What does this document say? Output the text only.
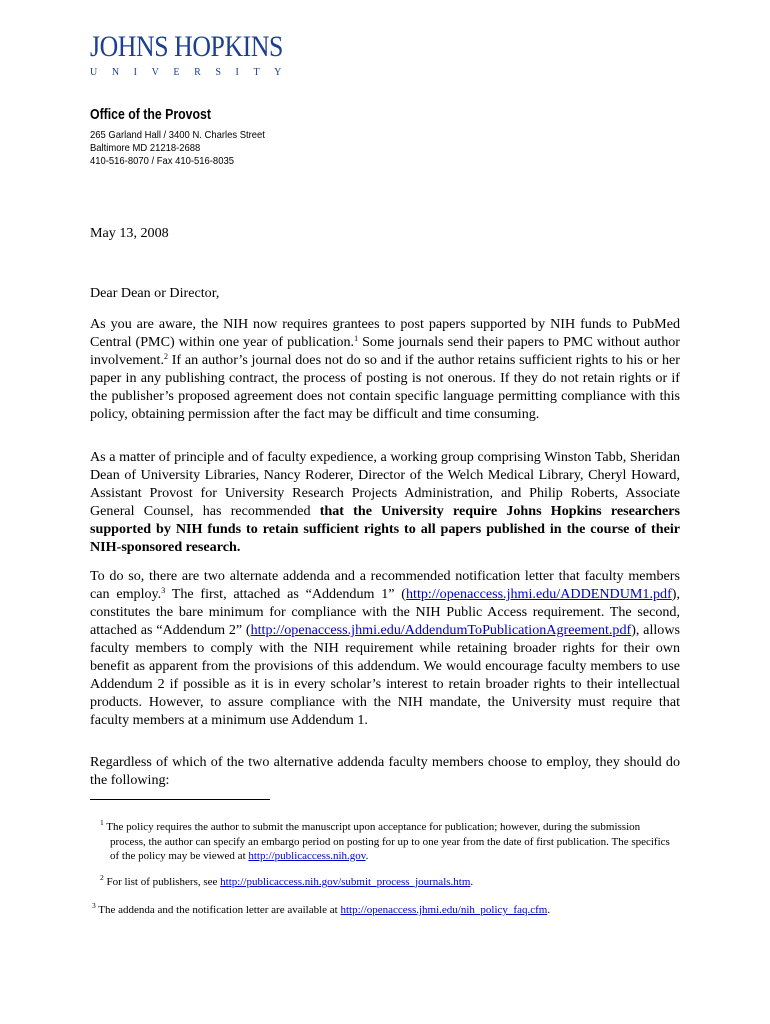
JOHNS HOPKINS
UNIVERSITY
Office of the Provost
265 Garland Hall / 3400 N. Charles Street
Baltimore MD 21218-2688
410-516-8070 / Fax 410-516-8035
May 13, 2008
Dear Dean or Director,

As you are aware, the NIH now requires grantees to post papers supported by NIH funds to PubMed Central (PMC) within one year of publication.$^1$ Some journals send their papers to PMC without author involvement.$^2$ If an author’s journal does not do so and if the author retains sufficient rights to his or her paper in any publishing contract, the process of posting is not onerous. If they do not retain rights or if the publisher’s proposed agreement does not contain specific language permitting compliance with this policy, obtaining permission after the fact may be difficult and time consuming.

As a matter of principle and of faculty expedience, a working group comprising Winston Tabb, Sheridan Dean of University Libraries, Nancy Roderer, Director of the Welch Medical Library, Cheryl Howard, Assistant Provost for University Research Projects Administration, and Philip Roberts, Associate General Counsel, has recommended that the University require Johns Hopkins researchers supported by NIH funds to retain sufficient rights to all papers published in the course of their NIH-sponsored research.

To do so, there are two alternate addenda and a recommended notification letter that faculty members can employ.$^3$ The first, attached as “Addendum 1” (http://openaccess.jhmi.edu/ADDENDUM1.pdf), constitutes the bare minimum for compliance with the NIH Public Access requirement. The second, attached as “Addendum 2” (http://openaccess.jhmi.edu/AddendumToPublicationAgreement.pdf), allows faculty members to comply with the NIH requirement while retaining broader rights for their own benefit as apparent from the provisions of this addendum. We would encourage faculty members to use Addendum 2 if possible as it is in every scholar’s interest to retain broader rights to their intellectual products. However, to assure compliance with the NIH mandate, the University must require that faculty members at a minimum use Addendum 1.

Regardless of which of the two alternative addenda faculty members choose to employ, they should do the following:

$^1$ The policy requires the author to submit the manuscript upon acceptance for publication; however, during the submission process, the author can specify an embargo period on posting for up to one year from the date of first publication. The specifics of the policy may be viewed at http://publicaccess.nih.gov.

$^2$ For list of publishers, see http://publicaccess.nih.gov/submit_process_journals.htm.

$^3$ The addenda and the notification letter are available at http://openaccess.jhmi.edu/nih_policy_faq.cfm.
